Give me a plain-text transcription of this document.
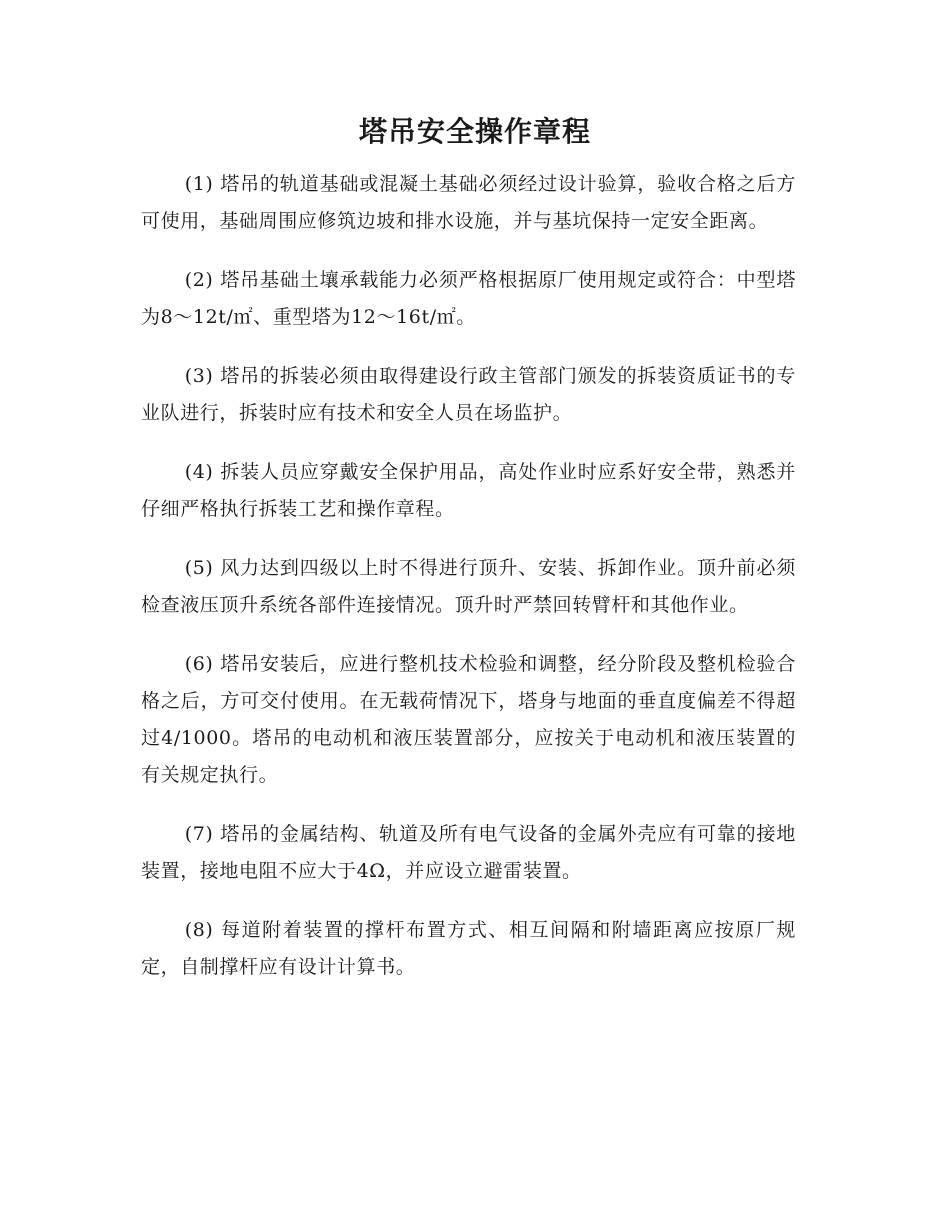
塔吊安全操作章程

(1) 塔吊的轨道基础或混凝土基础必须经过设计验算，验收合格之后方可使用，基础周围应修筑边坡和排水设施，并与基坑保持一定安全距离。

(2) 塔吊基础土壤承载能力必须严格根据原厂使用规定或符合：中型塔为8～12t/㎡、重型塔为12～16t/㎡。

(3) 塔吊的拆装必须由取得建设行政主管部门颁发的拆装资质证书的专业队进行，拆装时应有技术和安全人员在场监护。

(4) 拆装人员应穿戴安全保护用品，高处作业时应系好安全带，熟悉并仔细严格执行拆装工艺和操作章程。

(5) 风力达到四级以上时不得进行顶升、安装、拆卸作业。顶升前必须检查液压顶升系统各部件连接情况。顶升时严禁回转臂杆和其他作业。

(6) 塔吊安装后，应进行整机技术检验和调整，经分阶段及整机检验合格之后，方可交付使用。在无载荷情况下，塔身与地面的垂直度偏差不得超过4/1000。塔吊的电动机和液压装置部分，应按关于电动机和液压装置的有关规定执行。

(7) 塔吊的金属结构、轨道及所有电气设备的金属外壳应有可靠的接地装置，接地电阻不应大于4Ω，并应设立避雷装置。

(8) 每道附着装置的撑杆布置方式、相互间隔和附墙距离应按原厂规定，自制撑杆应有设计计算书。
